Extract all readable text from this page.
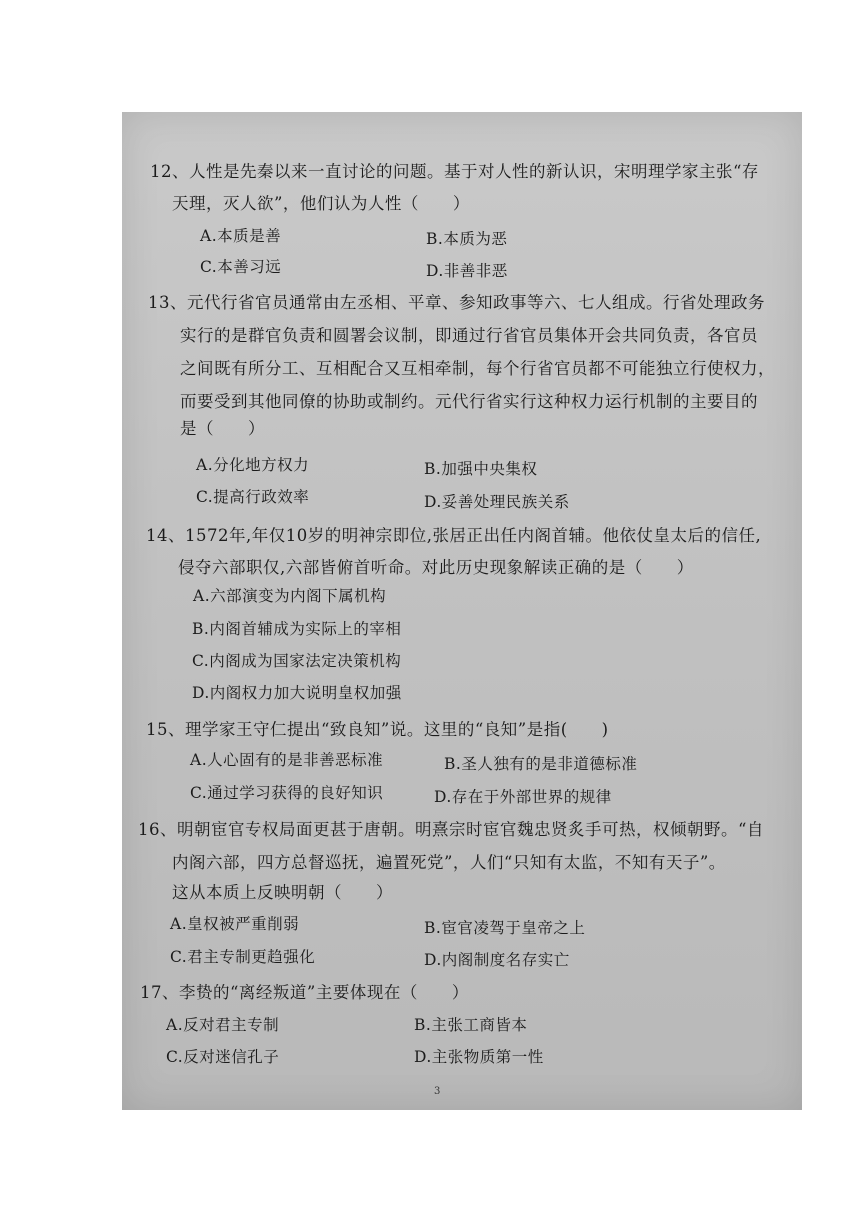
12、人性是先秦以来一直讨论的问题。基于对人性的新认识，宋明理学家主张“存
天理，灭人欲”，他们认为人性（　　）
A.本质是善	B.本质为恶
C.本善习远	D.非善非恶
13、元代行省官员通常由左丞相、平章、参知政事等六、七人组成。行省处理政务
实行的是群官负责和圆署会议制，即通过行省官员集体开会共同负责，各官员
之间既有所分工、互相配合又互相牵制，每个行省官员都不可能独立行使权力，
而要受到其他同僚的协助或制约。元代行省实行这种权力运行机制的主要目的
是（　　）
A.分化地方权力	B.加强中央集权
C.提高行政效率	D.妥善处理民族关系
14、1572年,年仅10岁的明神宗即位,张居正出任内阁首辅。他依仗皇太后的信任,
侵夺六部职仅,六部皆俯首听命。对此历史现象解读正确的是（　　）
A.六部演变为内阁下属机构
B.内阁首辅成为实际上的宰相
C.内阁成为国家法定决策机构
D.内阁权力加大说明皇权加强
15、理学家王守仁提出“致良知”说。这里的“良知”是指(　　)
A.人心固有的是非善恶标准	B.圣人独有的是非道德标准
C.通过学习获得的良好知识	D.存在于外部世界的规律
16、明朝宦官专权局面更甚于唐朝。明熹宗时宦官魏忠贤炙手可热，权倾朝野。“自
内阁六部，四方总督巡抚，遍置死党”，人们“只知有太监，不知有天子”。
这从本质上反映明朝（　　）
A.皇权被严重削弱	B.宦官凌驾于皇帝之上
C.君主专制更趋强化	D.内阁制度名存实亡
17、李贽的“离经叛道”主要体现在（　　）
A.反对君主专制	B.主张工商皆本
C.反对迷信孔子	D.主张物质第一性
3
